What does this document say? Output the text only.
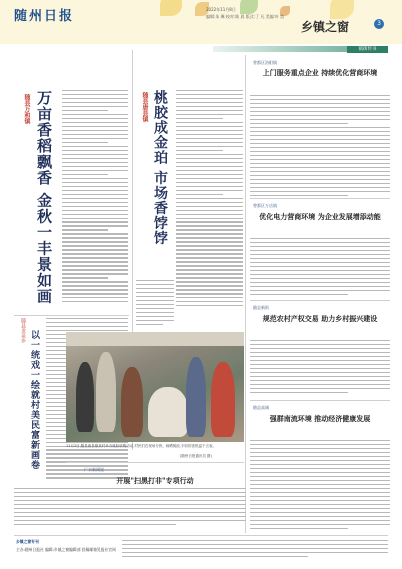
随州日报	2022年11月8日
编辑:朱 琳 校对:陈 晨 版式:丁 凡 美编:叶 浩
乡镇之窗	3
镇街传书
随县万和镇 万亩香稻飘香 金秋一丰景如画
随县龙泉乡 以一统戏一绘就村美民富新画卷
随县唐县镇 桃胶成金珀 市场香饽饽
11月2日,随县唐县镇某村举办桃胶收购活动,村民们在现场分拣、晾晒桃胶,丰收的喜悦溢于言表。
(随州日报通讯员 摄)
广水新闻说
开展"扫黑打非"专项行动
曾都区洛阳镇
上门服务重点企业 持续优化营商环境
曾都区万店镇
优化电力营商环境 为企业发展增添动能
随县新街
规范农村产权交易 助力乡村振兴建设
随县高城
强群南流环境 推动经济健康发展
乡镇之窗专刊
主办:随州日报社 编辑:乡镇之窗编辑部 投稿邮箱见报社官网
